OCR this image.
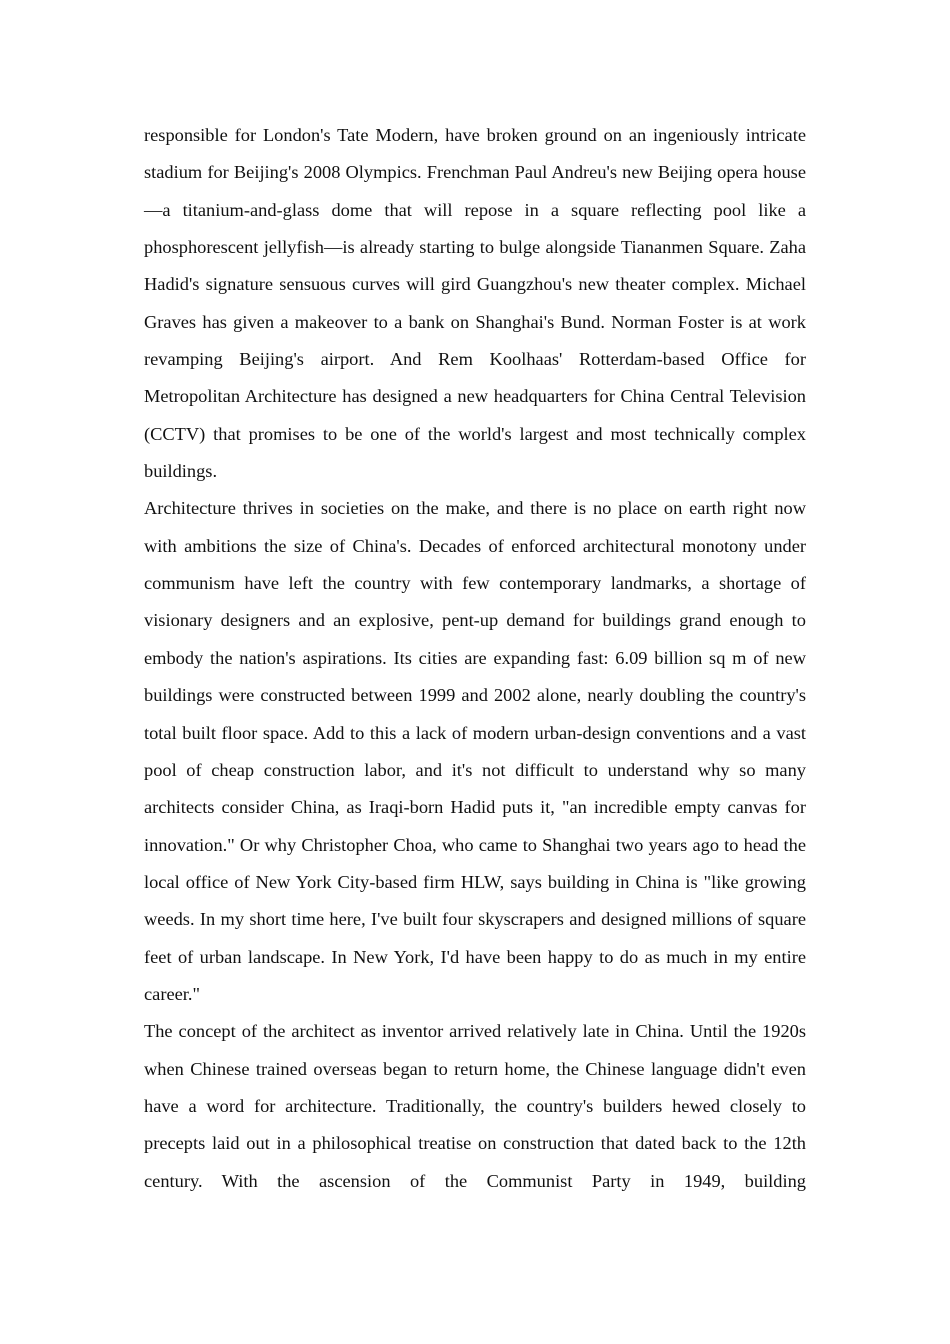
responsible for London's Tate Modern, have broken ground on an ingeniously intricate stadium for Beijing's 2008 Olympics. Frenchman Paul Andreu's new Beijing opera house—a titanium-and-glass dome that will repose in a square reflecting pool like a phosphorescent jellyfish—is already starting to bulge alongside Tiananmen Square. Zaha Hadid's signature sensuous curves will gird Guangzhou's new theater complex. Michael Graves has given a makeover to a bank on Shanghai's Bund. Norman Foster is at work revamping Beijing's airport. And Rem Koolhaas' Rotterdam-based Office for Metropolitan Architecture has designed a new headquarters for China Central Television (CCTV) that promises to be one of the world's largest and most technically complex buildings.

Architecture thrives in societies on the make, and there is no place on earth right now with ambitions the size of China's. Decades of enforced architectural monotony under communism have left the country with few contemporary landmarks, a shortage of visionary designers and an explosive, pent-up demand for buildings grand enough to embody the nation's aspirations. Its cities are expanding fast: 6.09 billion sq m of new buildings were constructed between 1999 and 2002 alone, nearly doubling the country's total built floor space. Add to this a lack of modern urban-design conventions and a vast pool of cheap construction labor, and it's not difficult to understand why so many architects consider China, as Iraqi-born Hadid puts it, "an incredible empty canvas for innovation." Or why Christopher Choa, who came to Shanghai two years ago to head the local office of New York City-based firm HLW, says building in China is "like growing weeds. In my short time here, I've built four skyscrapers and designed millions of square feet of urban landscape. In New York, I'd have been happy to do as much in my entire career."

The concept of the architect as inventor arrived relatively late in China. Until the 1920s when Chinese trained overseas began to return home, the Chinese language didn't even have a word for architecture. Traditionally, the country's builders hewed closely to precepts laid out in a philosophical treatise on construction that dated back to the 12th century. With the ascension of the Communist Party in 1949, building
